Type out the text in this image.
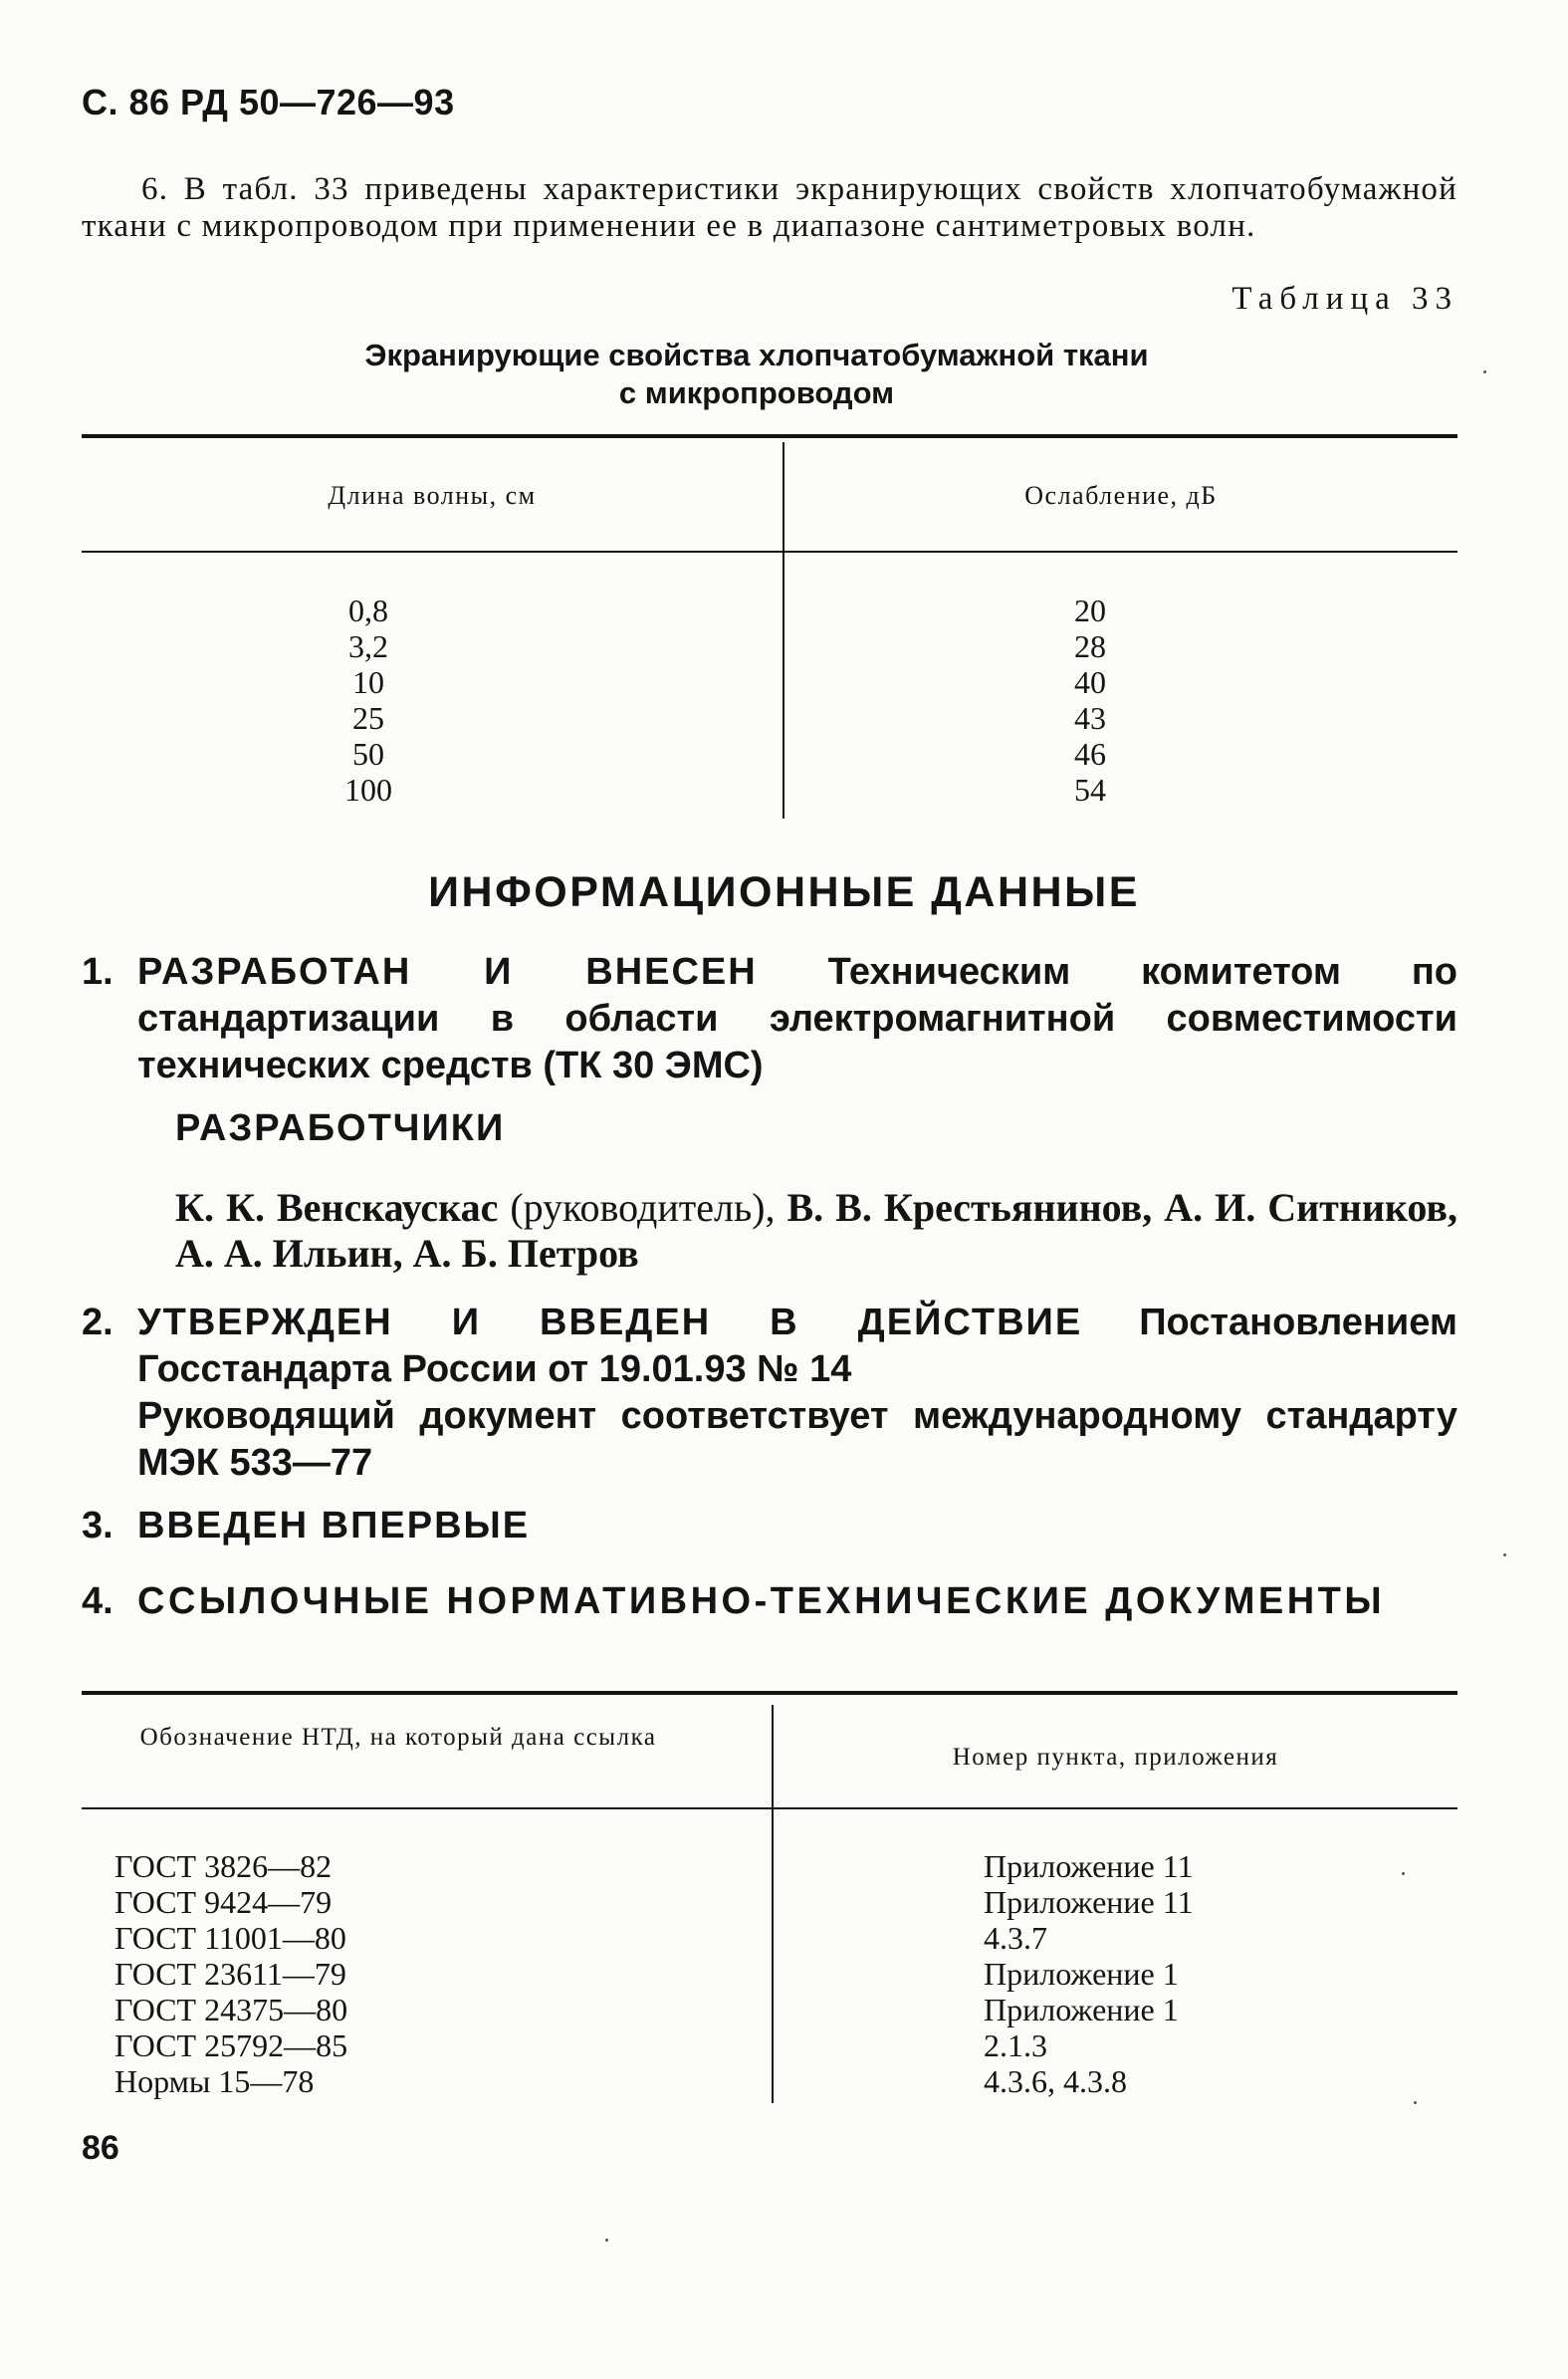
С. 86 РД 50—726—93
6. В табл. 33 приведены характеристики экранирующих свойств хлопчатобумажной ткани с микропроводом при применении ее в диапазоне сантиметровых волн.
Таблица 33
Экранирующие свойства хлопчатобумажной ткани
с микропроводом
Длина волны, см	Ослабление, дБ
0,8
3,2
10
25
50
100
20
28
40
43
46
54
ИНФОРМАЦИОННЫЕ ДАННЫЕ
1. РАЗРАБОТАН И ВНЕСЕН Техническим комитетом по стандартизации в области электромагнитной совместимости технических средств (ТК 30 ЭМС)
РАЗРАБОТЧИКИ
К. К. Венскаускас (руководитель), В. В. Крестьянинов, А. И. Ситников, А. А. Ильин, А. Б. Петров
2. УТВЕРЖДЕН И ВВЕДЕН В ДЕЙСТВИЕ Постановлением Госстандарта России от 19.01.93 № 14
Руководящий документ соответствует международному стандарту МЭК 533—77
3. ВВЕДЕН ВПЕРВЫЕ
4. ССЫЛОЧНЫЕ НОРМАТИВНО-ТЕХНИЧЕСКИЕ ДОКУМЕНТЫ
Обозначение НТД, на который дана ссылка
Номер пункта, приложения
ГОСТ 3826—82
ГОСТ 9424—79
ГОСТ 11001—80
ГОСТ 23611—79
ГОСТ 24375—80
ГОСТ 25792—85
Нормы 15—78
Приложение 11
Приложение 11
4.3.7
Приложение 1
Приложение 1
2.1.3
4.3.6, 4.3.8
86
